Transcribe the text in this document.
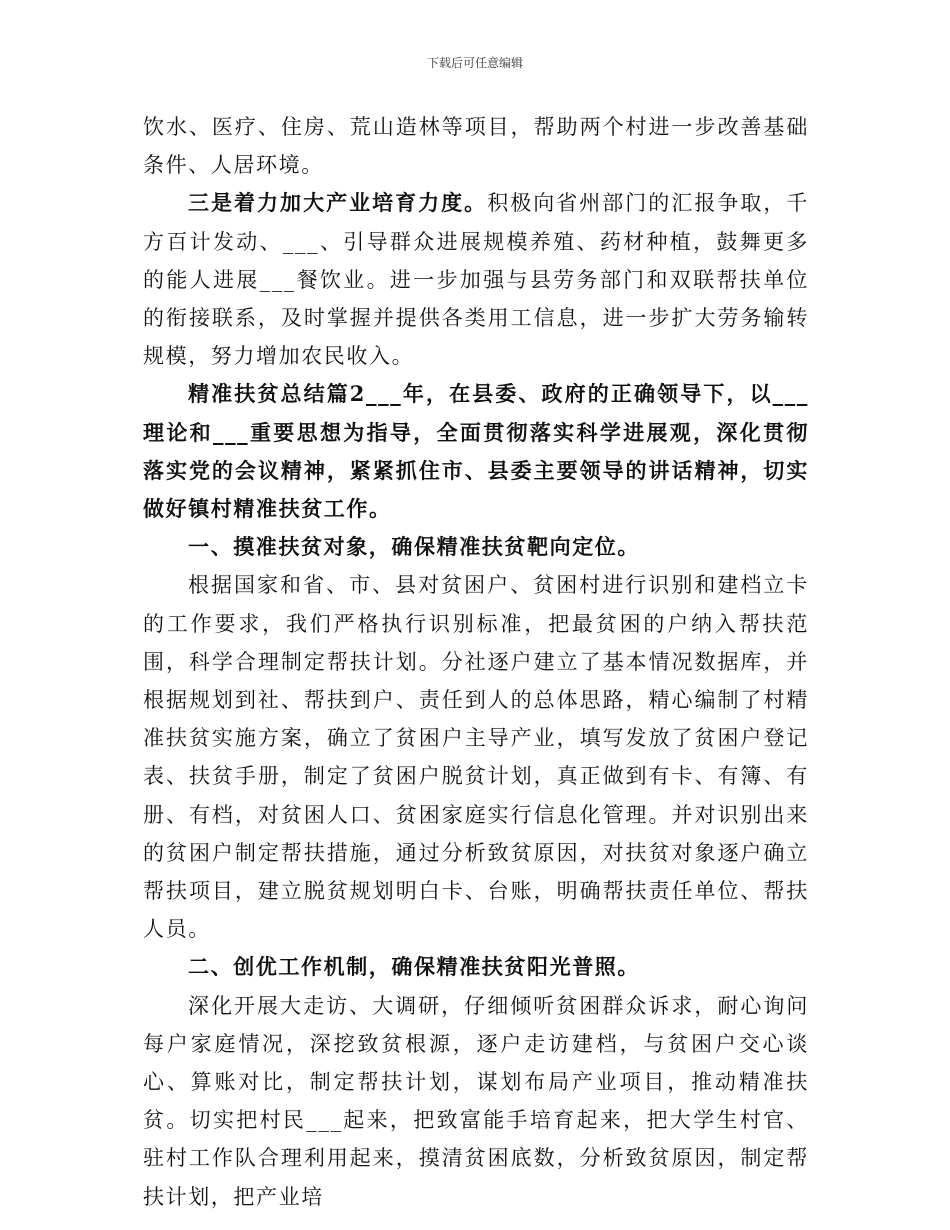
下载后可任意编辑

饮水、医疗、住房、荒山造林等项目，帮助两个村进一步改善基础条件、人居环境。

三是着力加大产业培育力度。积极向省州部门的汇报争取，千方百计发动、___、引导群众进展规模养殖、药材种植，鼓舞更多的能人进展___餐饮业。进一步加强与县劳务部门和双联帮扶单位的衔接联系，及时掌握并提供各类用工信息，进一步扩大劳务输转规模，努力增加农民收入。

精准扶贫总结篇2___年，在县委、政府的正确领导下，以___理论和___重要思想为指导，全面贯彻落实科学进展观，深化贯彻落实党的会议精神，紧紧抓住市、县委主要领导的讲话精神，切实做好镇村精准扶贫工作。

一、摸准扶贫对象，确保精准扶贫靶向定位。

根据国家和省、市、县对贫困户、贫困村进行识别和建档立卡的工作要求，我们严格执行识别标准，把最贫困的户纳入帮扶范围，科学合理制定帮扶计划。分社逐户建立了基本情况数据库，并根据规划到社、帮扶到户、责任到人的总体思路，精心编制了村精准扶贫实施方案，确立了贫困户主导产业，填写发放了贫困户登记表、扶贫手册，制定了贫困户脱贫计划，真正做到有卡、有簿、有册、有档，对贫困人口、贫困家庭实行信息化管理。并对识别出来的贫困户制定帮扶措施，通过分析致贫原因，对扶贫对象逐户确立帮扶项目，建立脱贫规划明白卡、台账，明确帮扶责任单位、帮扶人员。

二、创优工作机制，确保精准扶贫阳光普照。

深化开展大走访、大调研，仔细倾听贫困群众诉求，耐心询问每户家庭情况，深挖致贫根源，逐户走访建档，与贫困户交心谈心、算账对比，制定帮扶计划，谋划布局产业项目，推动精准扶贫。切实把村民___起来，把致富能手培育起来，把大学生村官、驻村工作队合理利用起来，摸清贫困底数，分析致贫原因，制定帮扶计划，把产业培
